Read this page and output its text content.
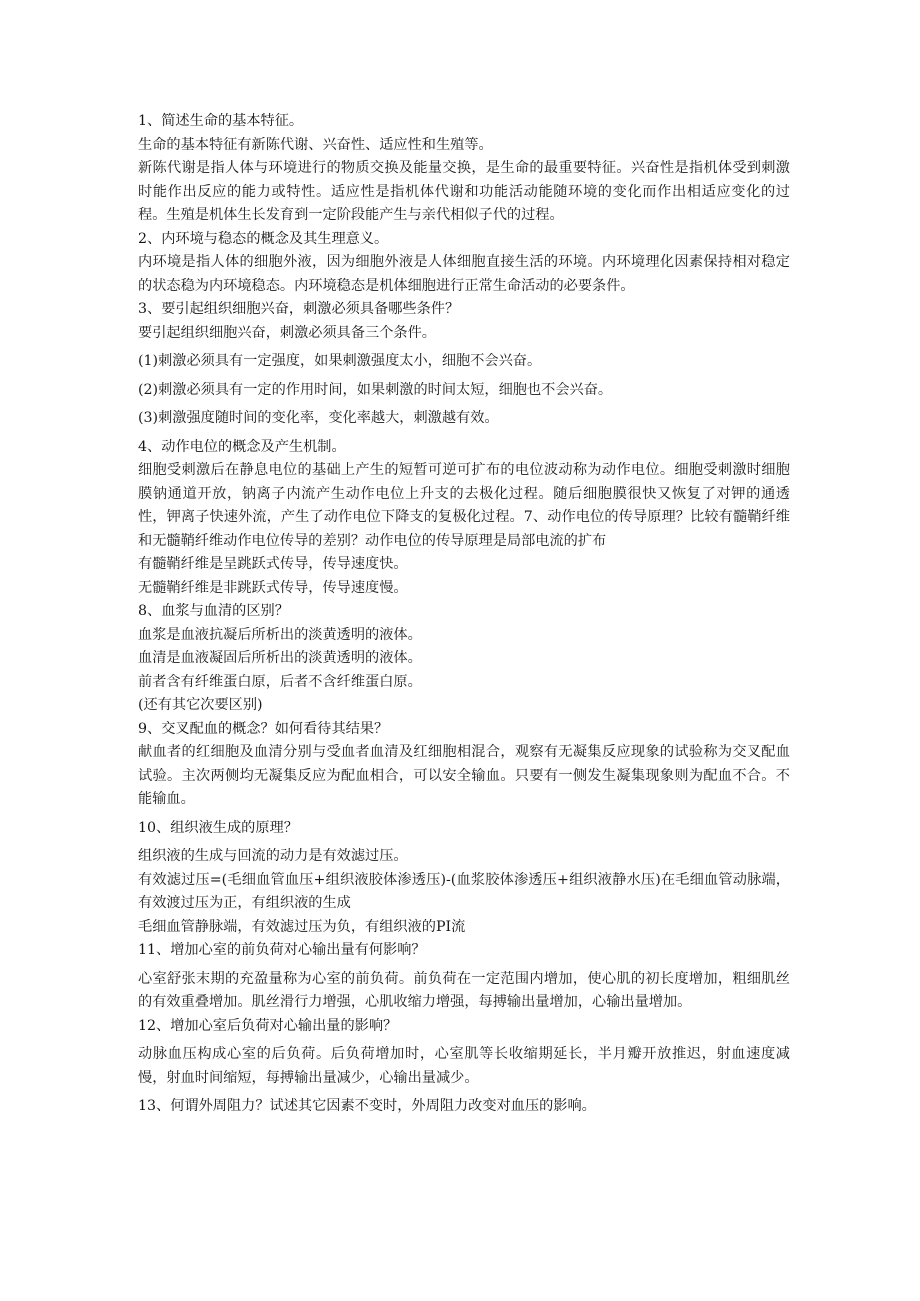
1、简述生命的基本特征。

生命的基本特征有新陈代谢、兴奋性、适应性和生殖等。

新陈代谢是指人体与环境进行的物质交换及能量交换，是生命的最重要特征。兴奋性是指机体受到刺激时能作出反应的能力或特性。适应性是指机体代谢和功能活动能随环境的变化而作出相适应变化的过程。生殖是机体生长发育到一定阶段能产生与亲代相似子代的过程。

2、内环境与稳态的概念及其生理意义。

内环境是指人体的细胞外液，因为细胞外液是人体细胞直接生活的环境。内环境理化因素保持相对稳定的状态稳为内环境稳态。内环境稳态是机体细胞进行正常生命活动的必要条件。

3、要引起组织细胞兴奋，刺激必须具备哪些条件？

要引起组织细胞兴奋，刺激必须具备三个条件。

(1)刺激必须具有一定强度，如果刺激强度太小，细胞不会兴奋。

(2)刺激必须具有一定的作用时间，如果刺激的时间太短，细胞也不会兴奋。

(3)刺激强度随时间的变化率，变化率越大，刺激越有效。

4、动作电位的概念及产生机制。

细胞受刺激后在静息电位的基础上产生的短暂可逆可扩布的电位波动称为动作电位。细胞受刺激时细胞膜钠通道开放，钠离子内流产生动作电位上升支的去极化过程。随后细胞膜很快又恢复了对钾的通透性，钾离子快速外流，产生了动作电位下降支的复极化过程。7、动作电位的传导原理？比较有髓鞘纤维和无髓鞘纤维动作电位传导的差别？动作电位的传导原理是局部电流的扩布

有髓鞘纤维是呈跳跃式传导，传导速度快。

无髓鞘纤维是非跳跃式传导，传导速度慢。

8、血浆与血清的区别？

血浆是血液抗凝后所析出的淡黄透明的液体。

血清是血液凝固后所析出的淡黄透明的液体。

前者含有纤维蛋白原，后者不含纤维蛋白原。

(还有其它次要区别)

9、交叉配血的概念？如何看待其结果？

献血者的红细胞及血清分别与受血者血清及红细胞相混合，观察有无凝集反应现象的试验称为交叉配血试验。主次两侧均无凝集反应为配血相合，可以安全输血。只要有一侧发生凝集现象则为配血不合。不能输血。

10、组织液生成的原理？

组织液的生成与回流的动力是有效滤过压。

有效滤过压=(毛细血管血压+组织液胶体渗透压)-(血浆胶体渗透压+组织液静水压)在毛细血管动脉端，有效渡过压为正，有组织液的生成

毛细血管静脉端，有效滤过压为负，有组织液的PI流

11、增加心室的前负荷对心输出量有何影响？

心室舒张末期的充盈量称为心室的前负荷。前负荷在一定范围内增加，使心肌的初长度增加，粗细肌丝的有效重叠增加。肌丝滑行力增强，心肌收缩力增强，每搏输出量增加，心输出量增加。

12、增加心室后负荷对心输出量的影响？

动脉血压构成心室的后负荷。后负荷增加时，心室肌等长收缩期延长，半月瓣开放推迟，射血速度减慢，射血时间缩短，每搏输出量减少，心输出量减少。

13、何谓外周阻力？试述其它因素不变时，外周阻力改变对血压的影响。
